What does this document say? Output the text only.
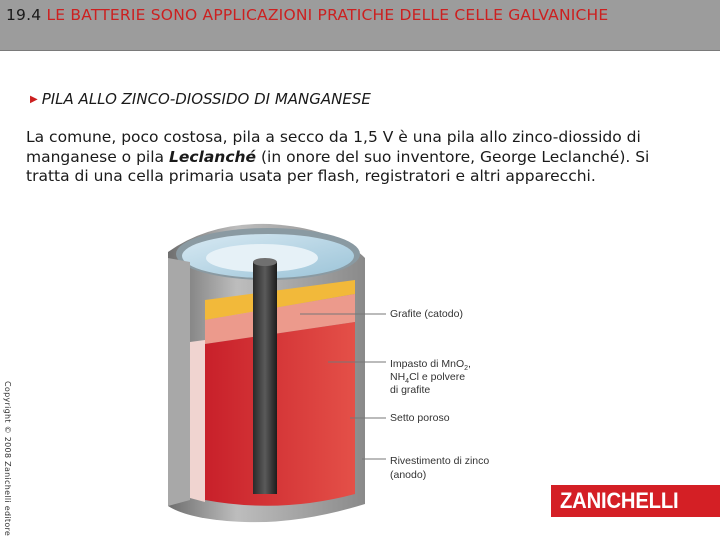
19.4 LE BATTERIE SONO APPLICAZIONI PRATICHE DELLE CELLE GALVANICHE
▶ PILA ALLO ZINCO-DIOSSIDO DI MANGANESE
La comune, poco costosa, pila a secco da 1,5 V è una pila allo zinco-diossido di manganese o pila Leclanché (in onore del suo inventore, George Leclanché). Si tratta di una cella primaria usata per flash, registratori e altri apparecchi.
Grafite (catodo)
Impasto di MnO$_2$,
$NH_4Cl$ e polvere
di grafite
Setto poroso
Rivestimento di zinco
(anodo)
Copyright © 2008 Zanichelli editore	ZANICHELLI
